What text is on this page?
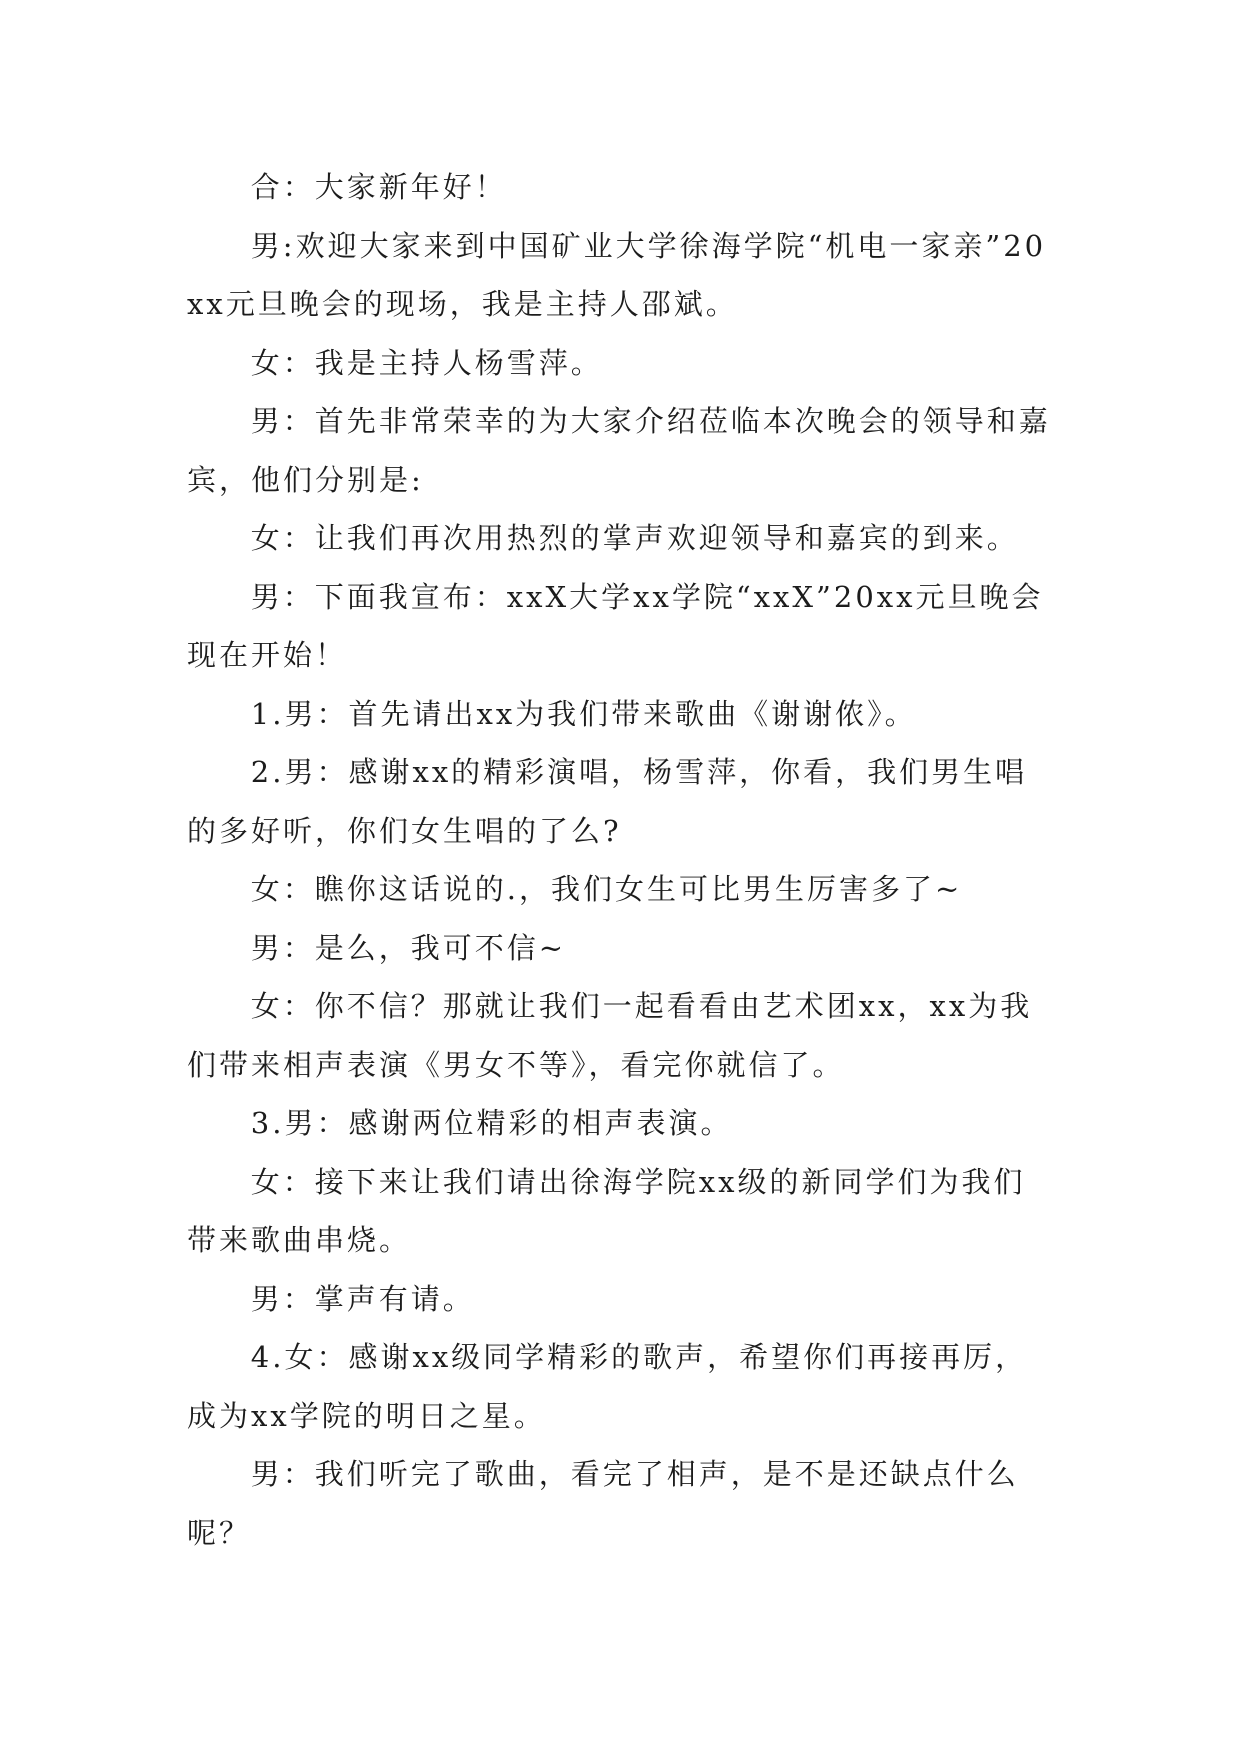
合：大家新年好！

男:欢迎大家来到中国矿业大学徐海学院“机电一家亲”20xx元旦晚会的现场，我是主持人邵斌。

女：我是主持人杨雪萍。

男：首先非常荣幸的为大家介绍莅临本次晚会的领导和嘉宾，他们分别是:

女：让我们再次用热烈的掌声欢迎领导和嘉宾的到来。

男：下面我宣布：xxX大学xx学院“xxX”20xx元旦晚会现在开始！

1.男：首先请出xx为我们带来歌曲《谢谢侬》。

2.男：感谢xx的精彩演唱，杨雪萍，你看，我们男生唱的多好听，你们女生唱的了么?

女：瞧你这话说的.，我们女生可比男生厉害多了~

男：是么，我可不信~

女：你不信？那就让我们一起看看由艺术团xx，xx为我们带来相声表演《男女不等》，看完你就信了。

3.男：感谢两位精彩的相声表演。

女：接下来让我们请出徐海学院xx级的新同学们为我们带来歌曲串烧。

男：掌声有请。

4.女：感谢xx级同学精彩的歌声，希望你们再接再厉，成为xx学院的明日之星。

男：我们听完了歌曲，看完了相声，是不是还缺点什么呢？
